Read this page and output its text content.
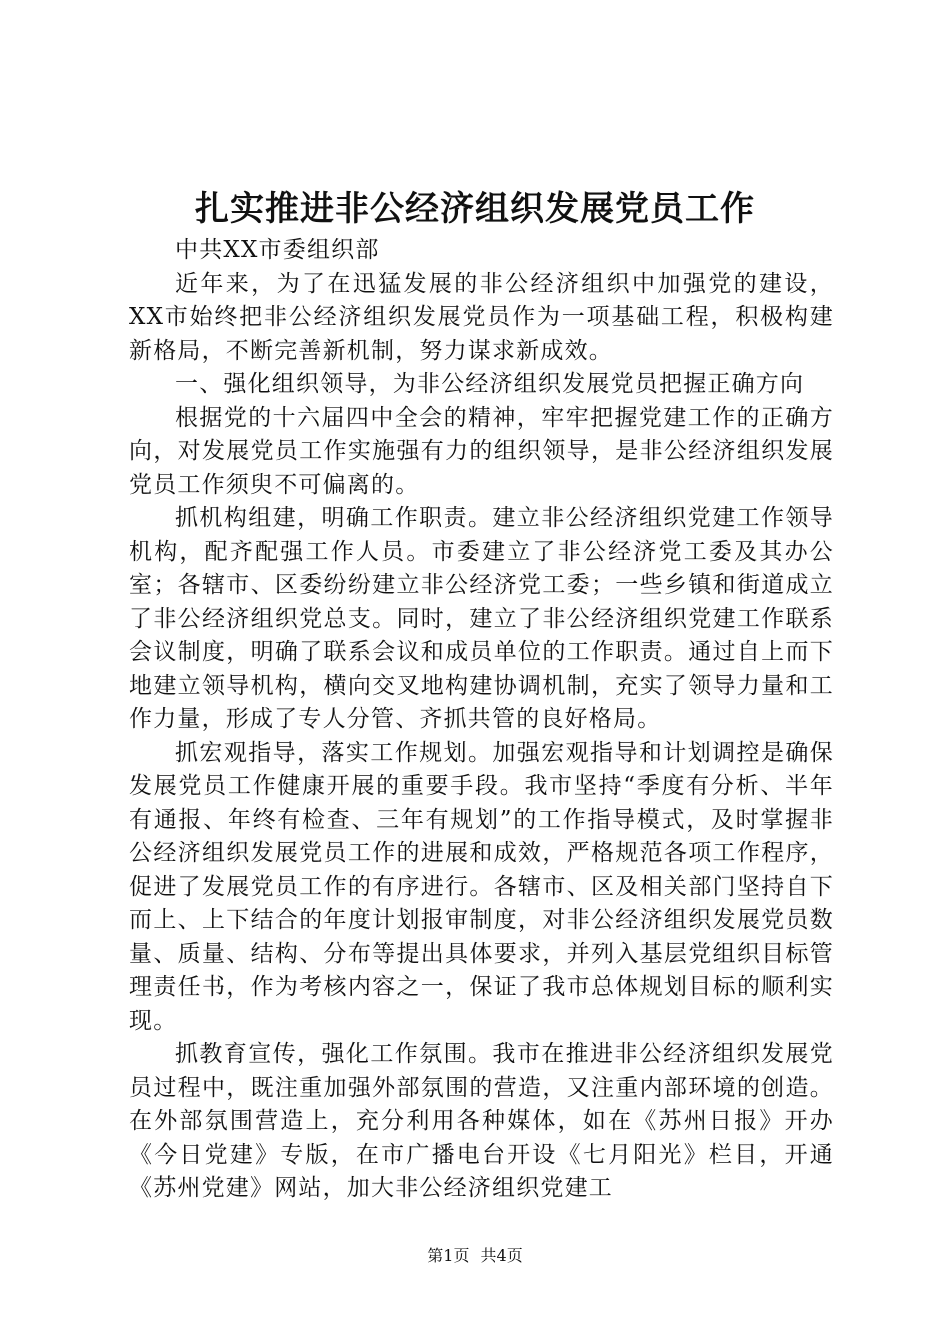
扎实推进非公经济组织发展党员工作

中共XX市委组织部

近年来，为了在迅猛发展的非公经济组织中加强党的建设，XX市始终把非公经济组织发展党员作为一项基础工程，积极构建新格局，不断完善新机制，努力谋求新成效。

一、强化组织领导，为非公经济组织发展党员把握正确方向

根据党的十六届四中全会的精神，牢牢把握党建工作的正确方向，对发展党员工作实施强有力的组织领导，是非公经济组织发展党员工作须臾不可偏离的。

抓机构组建，明确工作职责。建立非公经济组织党建工作领导机构，配齐配强工作人员。市委建立了非公经济党工委及其办公室；各辖市、区委纷纷建立非公经济党工委；一些乡镇和街道成立了非公经济组织党总支。同时，建立了非公经济组织党建工作联系会议制度，明确了联系会议和成员单位的工作职责。通过自上而下地建立领导机构，横向交叉地构建协调机制，充实了领导力量和工作力量，形成了专人分管、齐抓共管的良好格局。

抓宏观指导，落实工作规划。加强宏观指导和计划调控是确保发展党员工作健康开展的重要手段。我市坚持“季度有分析、半年有通报、年终有检查、三年有规划”的工作指导模式，及时掌握非公经济组织发展党员工作的进展和成效，严格规范各项工作程序，促进了发展党员工作的有序进行。各辖市、区及相关部门坚持自下而上、上下结合的年度计划报审制度，对非公经济组织发展党员数量、质量、结构、分布等提出具体要求，并列入基层党组织目标管理责任书，作为考核内容之一，保证了我市总体规划目标的顺利实现。

抓教育宣传，强化工作氛围。我市在推进非公经济组织发展党员过程中，既注重加强外部氛围的营造，又注重内部环境的创造。在外部氛围营造上，充分利用各种媒体，如在《苏州日报》开办《今日党建》专版，在市广播电台开设《七月阳光》栏目，开通《苏州党建》网站，加大非公经济组织党建工

第1页 共4页
